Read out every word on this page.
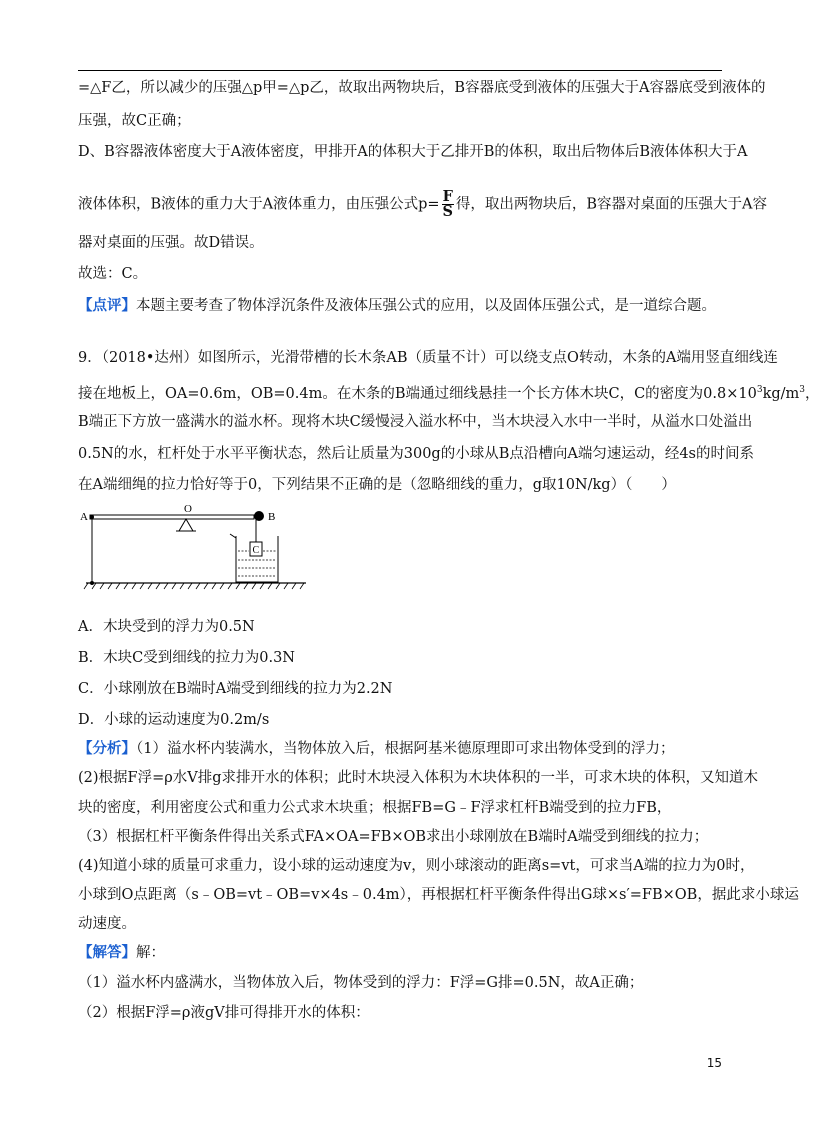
=△F乙，所以减少的压强△p甲=△p乙，故取出两物块后，B容器底受到液体的压强大于A容器底受到液体的
压强，故C正确；
D、B容器液体密度大于A液体密度，甲排开A的体积大于乙排开B的体积，取出后物体后B液体体积大于A
液体体积，B液体的重力大于A液体重力，由压强公式$p= \frac{F}{S}$ 得，取出两物块后，B容器对桌面的压强大于A容
器对桌面的压强。故D错误。
故选：C。
【点评】本题主要考查了物体浮沉条件及液体压强公式的应用，以及固体压强公式，是一道综合题。
9．（2018•达州）如图所示，光滑带槽的长木条AB（质量不计）可以绕支点O转动，木条的A端用竖直细线连
接在地板上，OA=0.6m，OB=0.4m。在木条的B端通过细线悬挂一个长方体木块C，C的密度为$0.8\times 10^3kg/m^3$，
B端正下方放一盛满水的溢水杯。现将木块C缓慢浸入溢水杯中，当木块浸入水中一半时，从溢水口处溢出
0.5N的水，杠杆处于水平平衡状态，然后让质量为300g的小球从B点沿槽向A端匀速运动，经4s的时间系
在A端细绳的拉力恰好等于0，下列结果不正确的是（忽略细线的重力，g取10N/kg）（　　）
A
O
B
C
A．木块受到的浮力为0.5N
B．木块C受到细线的拉力为0.3N
C．小球刚放在B端时A端受到细线的拉力为2.2N
D．小球的运动速度为0.2m/s
【分析】（1）溢水杯内装满水，当物体放入后，根据阿基米德原理即可求出物体受到的浮力；
(2)根据F浮=ρ水V排g求排开水的体积；此时木块浸入体积为木块体积的一半，可求木块的体积，又知道木
块的密度，利用密度公式和重力公式求木块重；根据FB=G﹣F浮求杠杆B端受到的拉力FB，
（3）根据杠杆平衡条件得出关系式FA×OA=FB×OB求出小球刚放在B端时A端受到细线的拉力；
(4)知道小球的质量可求重力，设小球的运动速度为v，则小球滚动的距离s=vt，可求当A端的拉力为0时，
小球到O点距离（s﹣OB=vt﹣OB=v×4s﹣0.4m），再根据杠杆平衡条件得出G球×s′=FB×OB，据此求小球运
动速度。
【解答】解：
（1）溢水杯内盛满水，当物体放入后，物体受到的浮力：F浮=G排=0.5N，故A正确；
（2）根据F浮=ρ液gV排可得排开水的体积：
15
